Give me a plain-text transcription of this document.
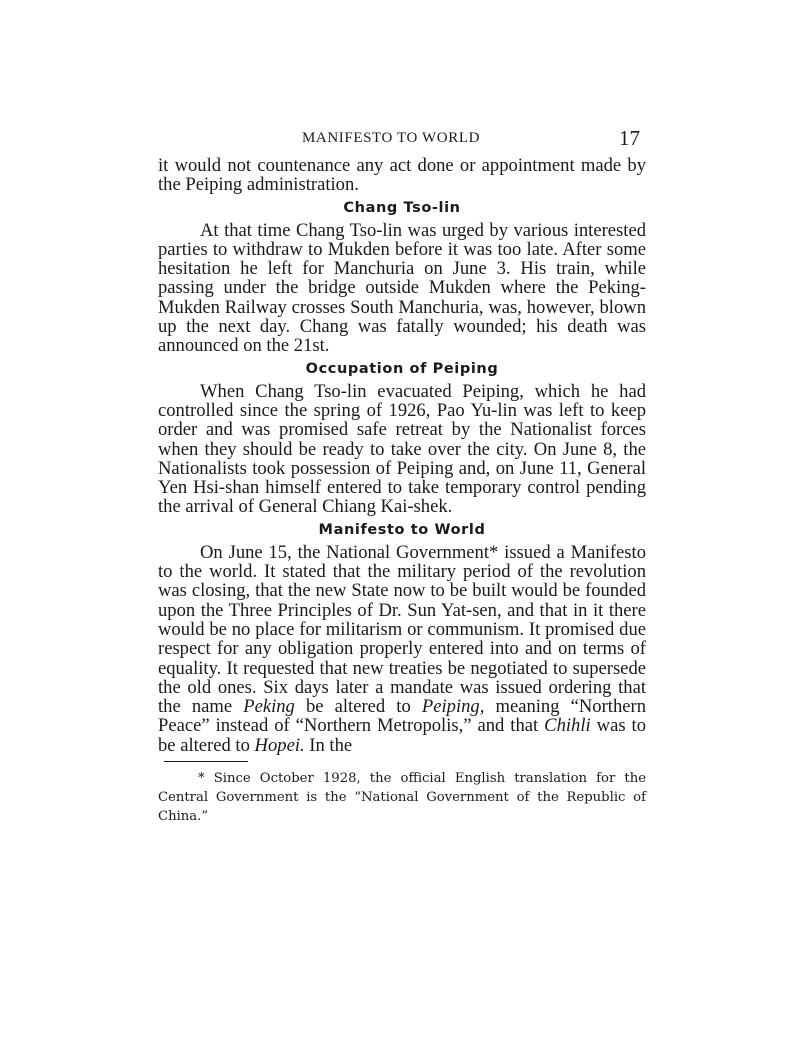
MANIFESTO TO WORLD	17

it would not countenance any act done or appointment made by the Peiping administration.

Chang Tso-lin

At that time Chang Tso-lin was urged by various interested parties to withdraw to Mukden before it was too late. After some hesitation he left for Manchuria on June 3. His train, while passing under the bridge outside Mukden where the Peking-Mukden Railway crosses South Manchuria, was, however, blown up the next day. Chang was fatally wounded; his death was announced on the 21st.

Occupation of Peiping

When Chang Tso-lin evacuated Peiping, which he had controlled since the spring of 1926, Pao Yu-lin was left to keep order and was promised safe retreat by the Nationalist forces when they should be ready to take over the city. On June 8, the Nationalists took possession of Peiping and, on June 11, General Yen Hsi-shan himself entered to take temporary control pending the arrival of General Chiang Kai-shek.

Manifesto to World

On June 15, the National Government* issued a Manifesto to the world. It stated that the military period of the revolution was closing, that the new State now to be built would be founded upon the Three Principles of Dr. Sun Yat-sen, and that in it there would be no place for militarism or communism. It promised due respect for any obligation properly entered into and on terms of equality. It requested that new treaties be negotiated to supersede the old ones. Six days later a mandate was issued ordering that the name Peking be altered to Peiping, meaning “Northern Peace” instead of “Northern Metropolis,” and that Chihli was to be altered to Hopei. In the

* Since October 1928, the official English translation for the Central Government is the “National Government of the Republic of China.”
